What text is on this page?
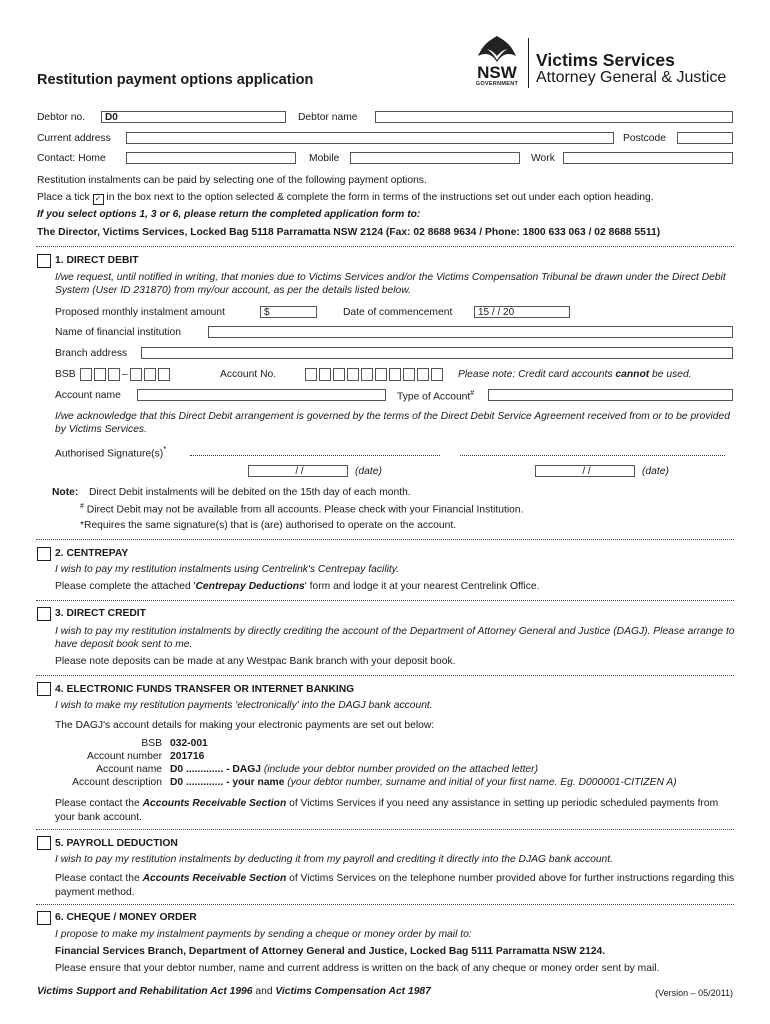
Restitution payment options application	NSW
GOVERNMENT
Victims Services
Attorney General & Justice
Debtor no.	D0	Debtor name
Current address	Postcode
Contact: Home	Mobile	Work
Restitution instalments can be paid by selecting one of the following payment options.
Place a tick ✓ in the box next to the option selected & complete the form in terms of the instructions set out under each option heading.
If you select options 1, 3 or 6, please return the completed application form to:
The Director, Victims Services, Locked Bag 5118 Parramatta NSW 2124 (Fax: 02 8688 9634 / Phone: 1800 633 063 / 02 8688 5511)
1. DIRECT DEBIT
I/we request, until notified in writing, that monies due to Victims Services and/or the Victims Compensation Tribunal be drawn under the Direct Debit System (User ID 231870) from my/our account, as per the details listed below.
Proposed monthly instalment amount	$	Date of commencement	15 / / 20
Name of financial institution
Branch address
BSB	–	Account No.	Please note: Credit card accounts cannot be used.
Account name	Type of Account#
I/we acknowledge that this Direct Debit arrangement is governed by the terms of the Direct Debit Service Agreement received from or to be provided by Victims Services.
Authorised Signature(s)*
/ /	(date)	/ /	(date)
Note: Direct Debit instalments will be debited on the 15th day of each month.
# Direct Debit may not be available from all accounts. Please check with your Financial Institution.
*Requires the same signature(s) that is (are) authorised to operate on the account.
2. CENTREPAY
I wish to pay my restitution instalments using Centrelink's Centrepay facility.
Please complete the attached 'Centrepay Deductions' form and lodge it at your nearest Centrelink Office.
3. DIRECT CREDIT
I wish to pay my restitution instalments by directly crediting the account of the Department of Attorney General and Justice (DAGJ). Please arrange to have deposit book sent to me.
Please note deposits can be made at any Westpac Bank branch with your deposit book.
4. ELECTRONIC FUNDS TRANSFER OR INTERNET BANKING
I wish to make my restitution payments 'electronically' into the DAGJ bank account.
The DAGJ's account details for making your electronic payments are set out below:
BSB 032-001
Account number 201716
Account name D0 ............. - DAGJ (include your debtor number provided on the attached letter)
Account description D0 ............. - your name (your debtor number, surname and initial of your first name. Eg. D000001-CITIZEN A)
Please contact the Accounts Receivable Section of Victims Services if you need any assistance in setting up periodic scheduled payments from your bank account.
5. PAYROLL DEDUCTION
I wish to pay my restitution instalments by deducting it from my payroll and crediting it directly into the DJAG bank account.
Please contact the Accounts Receivable Section of Victims Services on the telephone number provided above for further instructions regarding this payment method.
6. CHEQUE / MONEY ORDER
I propose to make my instalment payments by sending a cheque or money order by mail to:
Financial Services Branch, Department of Attorney General and Justice, Locked Bag 5111 Parramatta NSW 2124.
Please ensure that your debtor number, name and current address is written on the back of any cheque or money order sent by mail.
Victims Support and Rehabilitation Act 1996 and Victims Compensation Act 1987	(Version – 05/2011)
